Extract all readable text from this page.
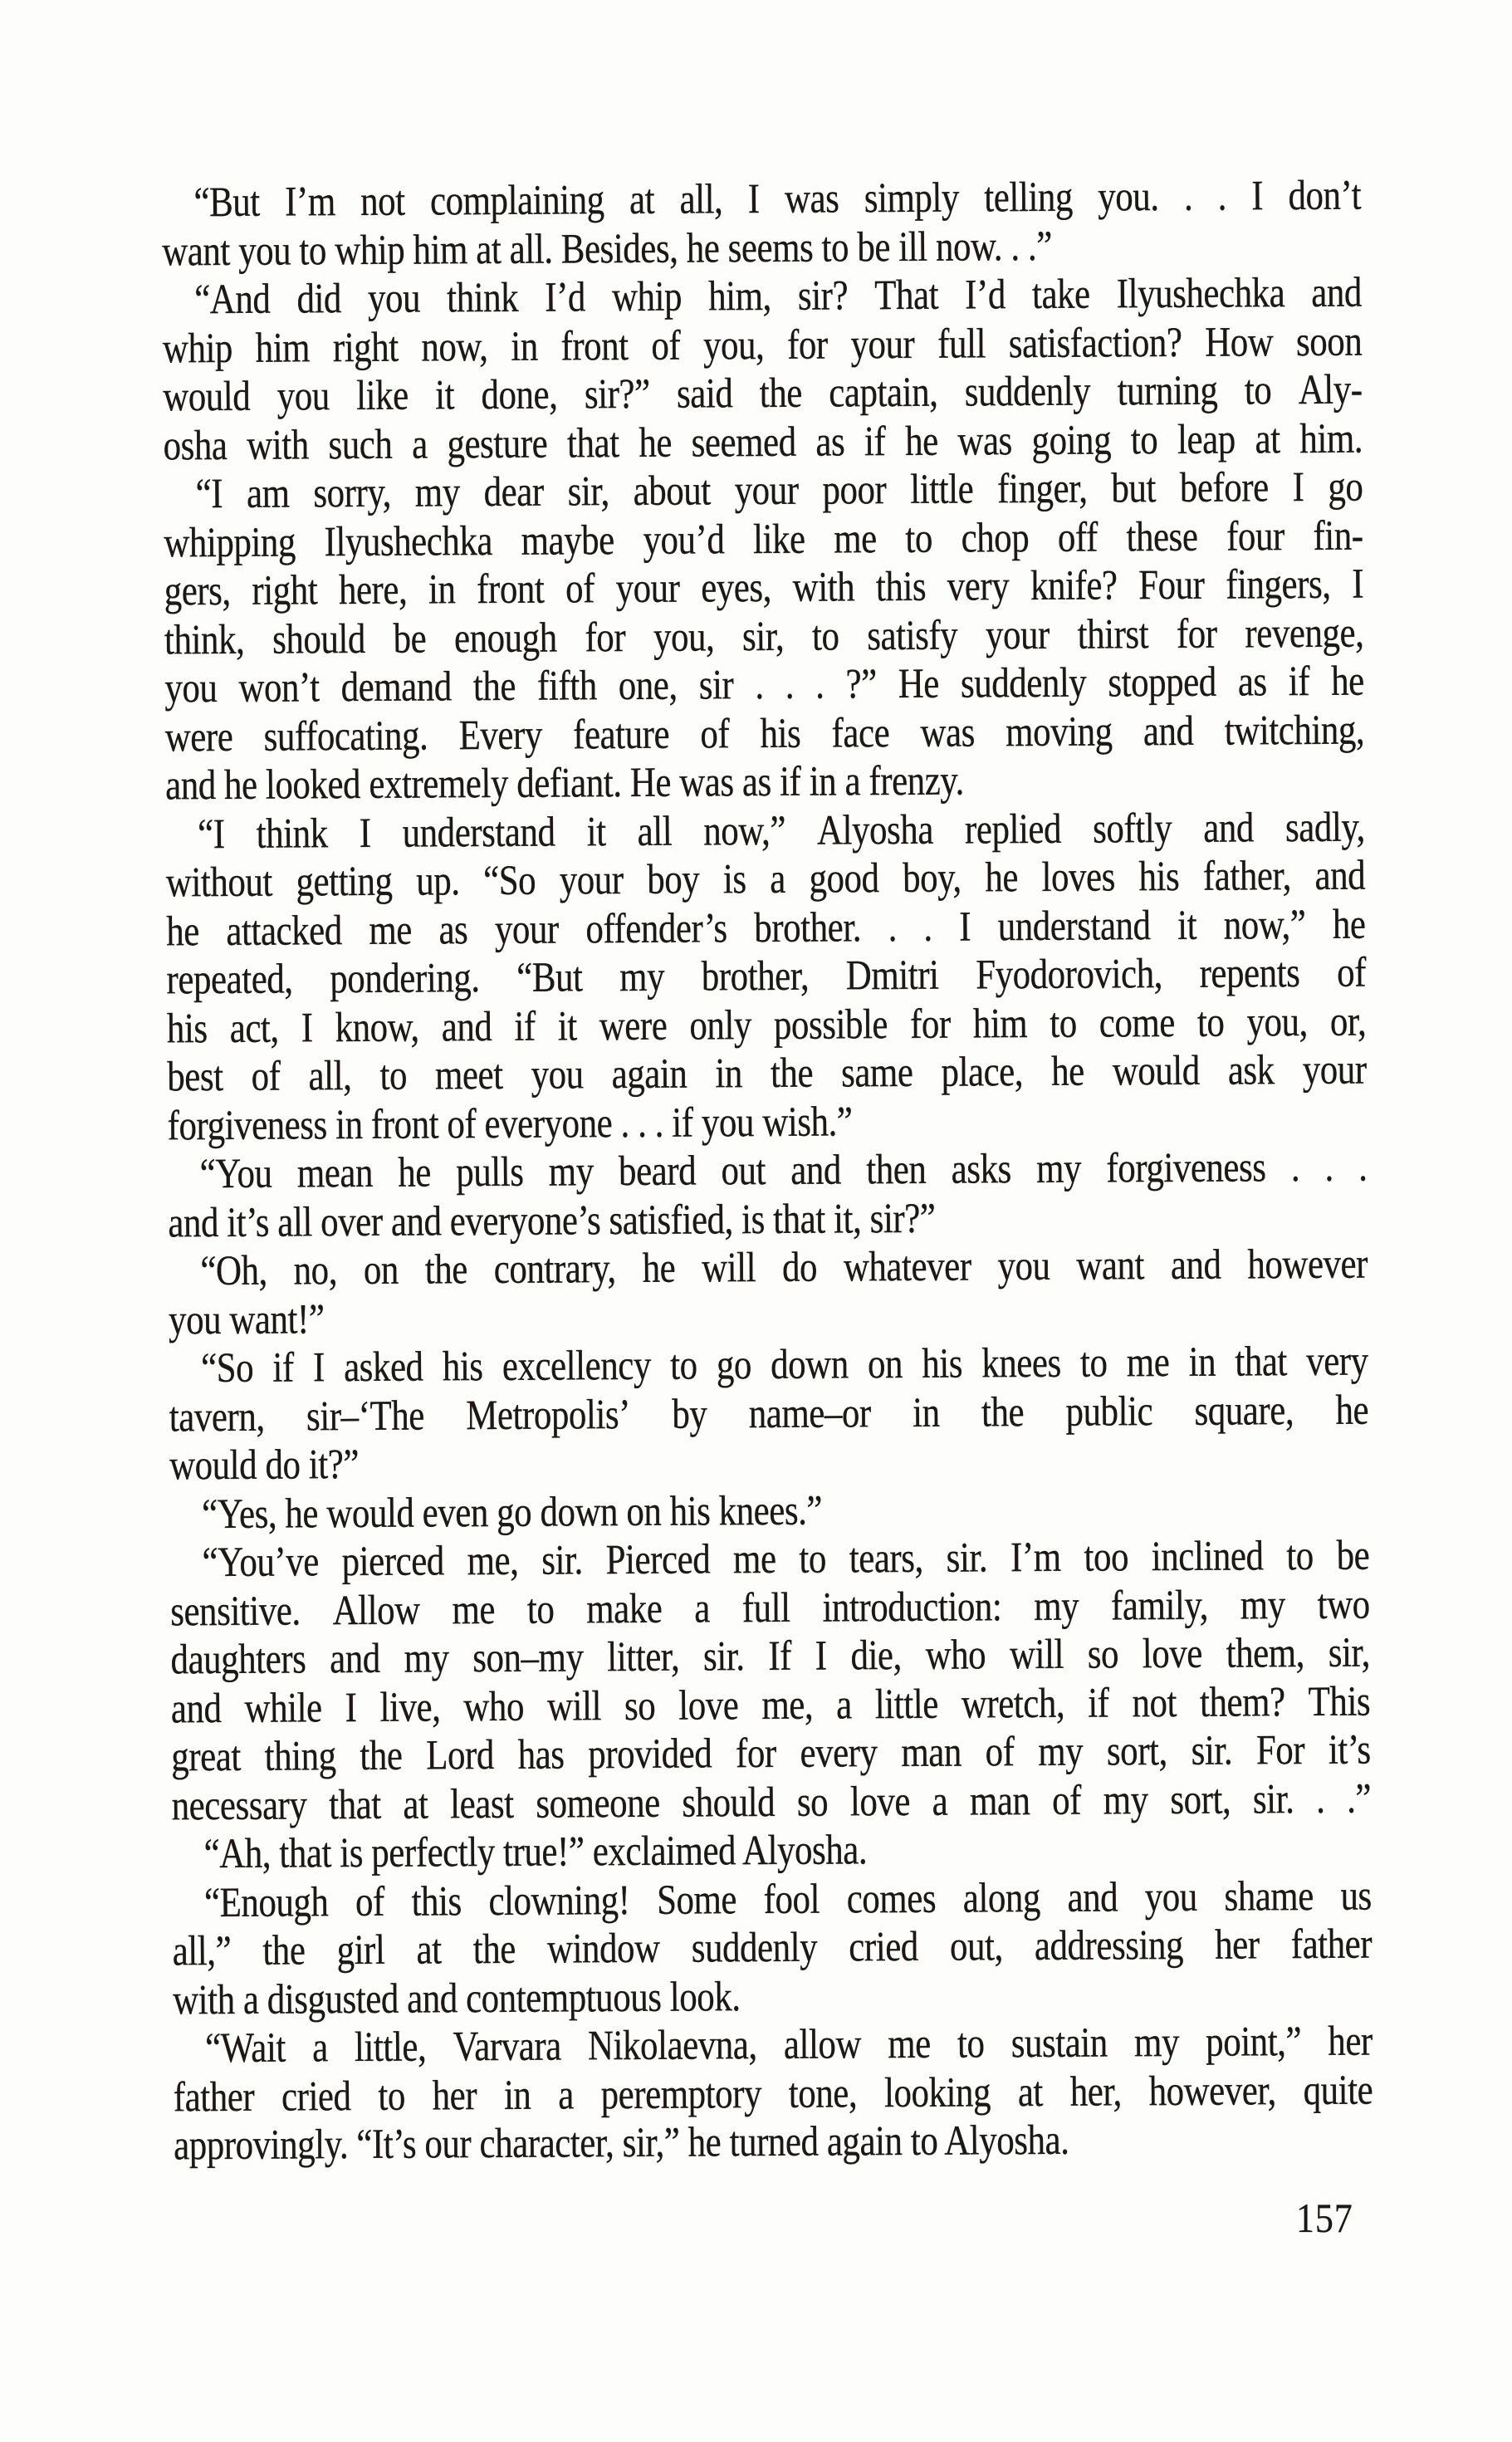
“But I’m not complaining at all, I was simply telling you. . . I don’t
want you to whip him at all. Besides, he seems to be ill now. . .”
“And did you think I’d whip him, sir? That I’d take Ilyushechka and
whip him right now, in front of you, for your full satisfaction? How soon
would you like it done, sir?” said the captain, suddenly turning to Aly-
osha with such a gesture that he seemed as if he was going to leap at him.
“I am sorry, my dear sir, about your poor little finger, but before I go
whipping Ilyushechka maybe you’d like me to chop off these four fin-
gers, right here, in front of your eyes, with this very knife? Four fingers, I
think, should be enough for you, sir, to satisfy your thirst for revenge,
you won’t demand the fifth one, sir . . . ?” He suddenly stopped as if he
were suffocating. Every feature of his face was moving and twitching,
and he looked extremely defiant. He was as if in a frenzy.
“I think I understand it all now,” Alyosha replied softly and sadly,
without getting up. “So your boy is a good boy, he loves his father, and
he attacked me as your offender’s brother. . . I understand it now,” he
repeated, pondering. “But my brother, Dmitri Fyodorovich, repents of
his act, I know, and if it were only possible for him to come to you, or,
best of all, to meet you again in the same place, he would ask your
forgiveness in front of everyone . . . if you wish.”
“You mean he pulls my beard out and then asks my forgiveness . . .
and it’s all over and everyone’s satisfied, is that it, sir?”
“Oh, no, on the contrary, he will do whatever you want and however
you want!”
“So if I asked his excellency to go down on his knees to me in that very
tavern, sir–‘The Metropolis’ by name–or in the public square, he
would do it?”
“Yes, he would even go down on his knees.”
“You’ve pierced me, sir. Pierced me to tears, sir. I’m too inclined to be
sensitive. Allow me to make a full introduction: my family, my two
daughters and my son–my litter, sir. If I die, who will so love them, sir,
and while I live, who will so love me, a little wretch, if not them? This
great thing the Lord has provided for every man of my sort, sir. For it’s
necessary that at least someone should so love a man of my sort, sir. . .”
“Ah, that is perfectly true!” exclaimed Alyosha.
“Enough of this clowning! Some fool comes along and you shame us
all,” the girl at the window suddenly cried out, addressing her father
with a disgusted and contemptuous look.
“Wait a little, Varvara Nikolaevna, allow me to sustain my point,” her
father cried to her in a peremptory tone, looking at her, however, quite
approvingly. “It’s our character, sir,” he turned again to Alyosha.
157
